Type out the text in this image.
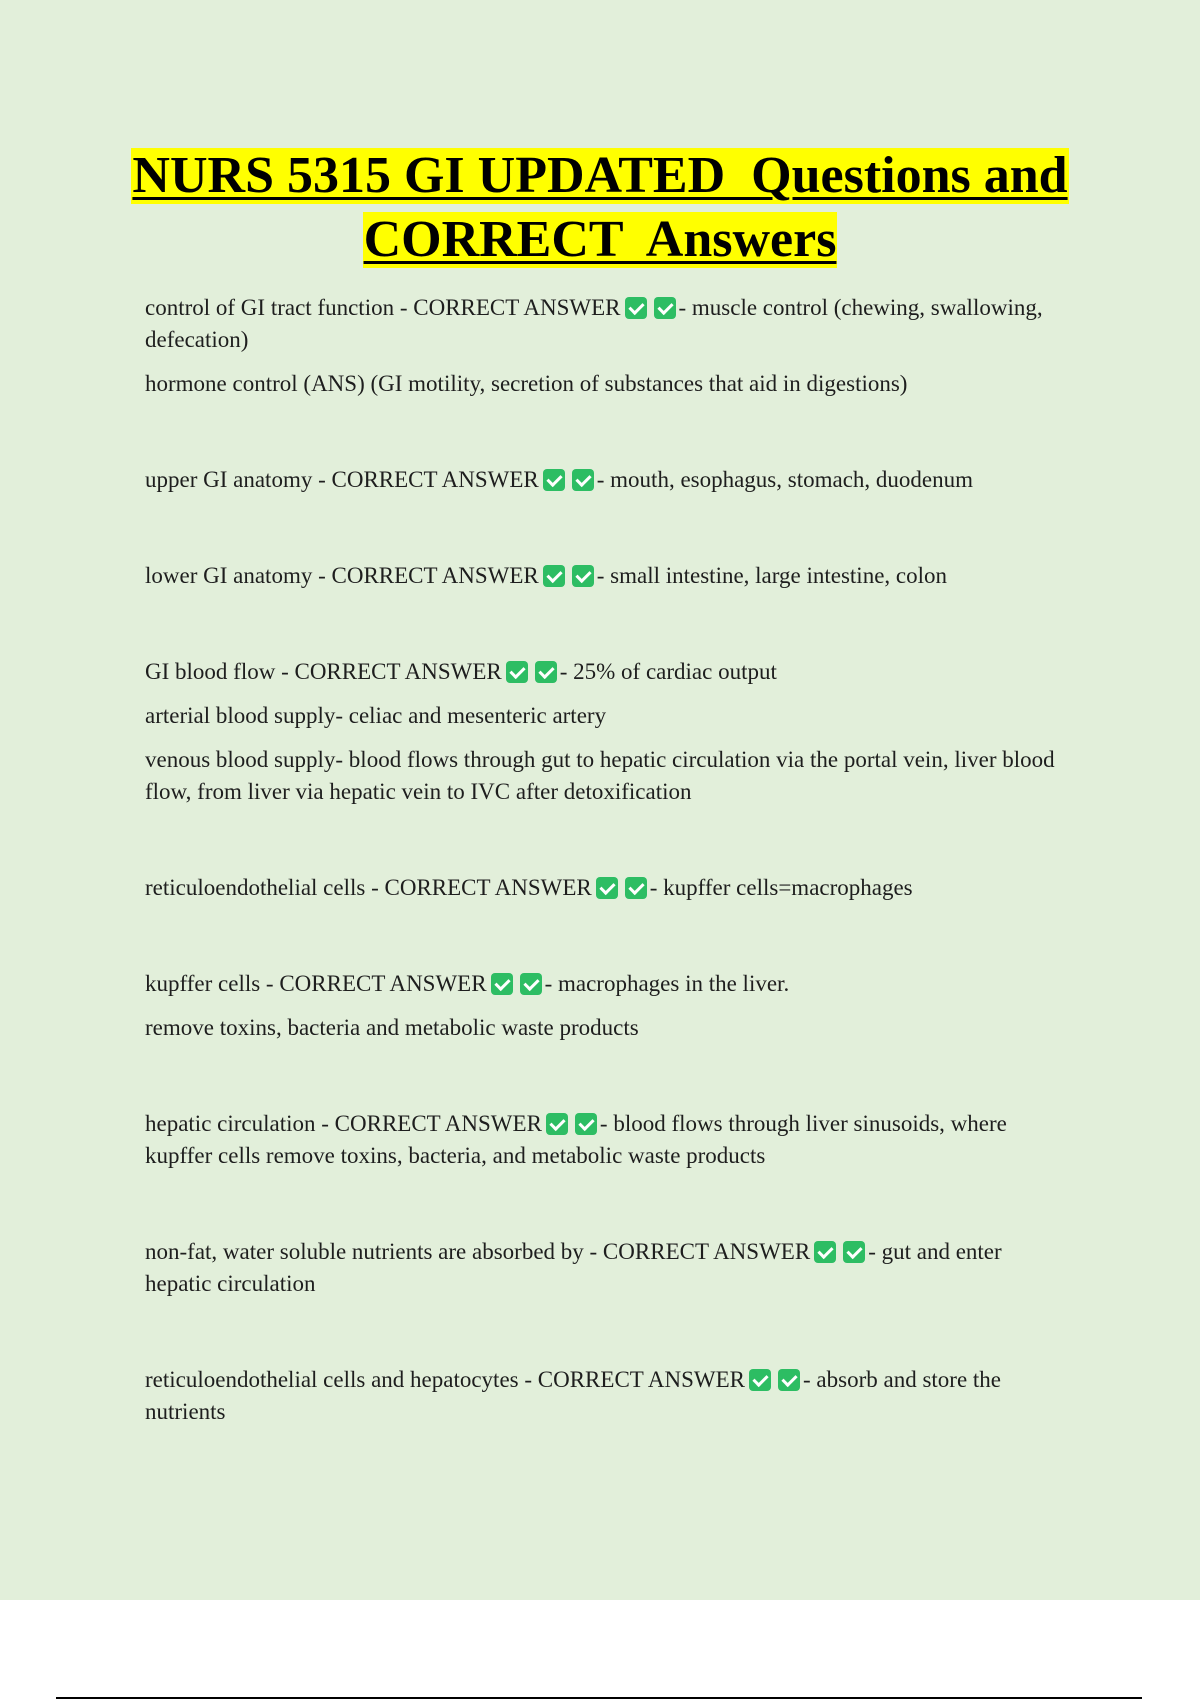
NURS 5315 GI UPDATED  Questions and
CORRECT  Answers

control of GI tract function - CORRECT ANSWER	- muscle control (chewing, swallowing, defecation)

hormone control (ANS) (GI motility, secretion of substances that aid in digestions)

upper GI anatomy - CORRECT ANSWER	- mouth, esophagus, stomach, duodenum

lower GI anatomy - CORRECT ANSWER	- small intestine, large intestine, colon

GI blood flow - CORRECT ANSWER	- 25% of cardiac output

arterial blood supply- celiac and mesenteric artery

venous blood supply- blood flows through gut to hepatic circulation via the portal vein, liver blood flow, from liver via hepatic vein to IVC after detoxification

reticuloendothelial cells - CORRECT ANSWER	- kupffer cells=macrophages

kupffer cells - CORRECT ANSWER	- macrophages in the liver.

remove toxins, bacteria and metabolic waste products

hepatic circulation - CORRECT ANSWER	- blood flows through liver sinusoids, where kupffer cells remove toxins, bacteria, and metabolic waste products

non-fat, water soluble nutrients are absorbed by - CORRECT ANSWER	- gut and enter hepatic circulation

reticuloendothelial cells and hepatocytes - CORRECT ANSWER	- absorb and store the nutrients
